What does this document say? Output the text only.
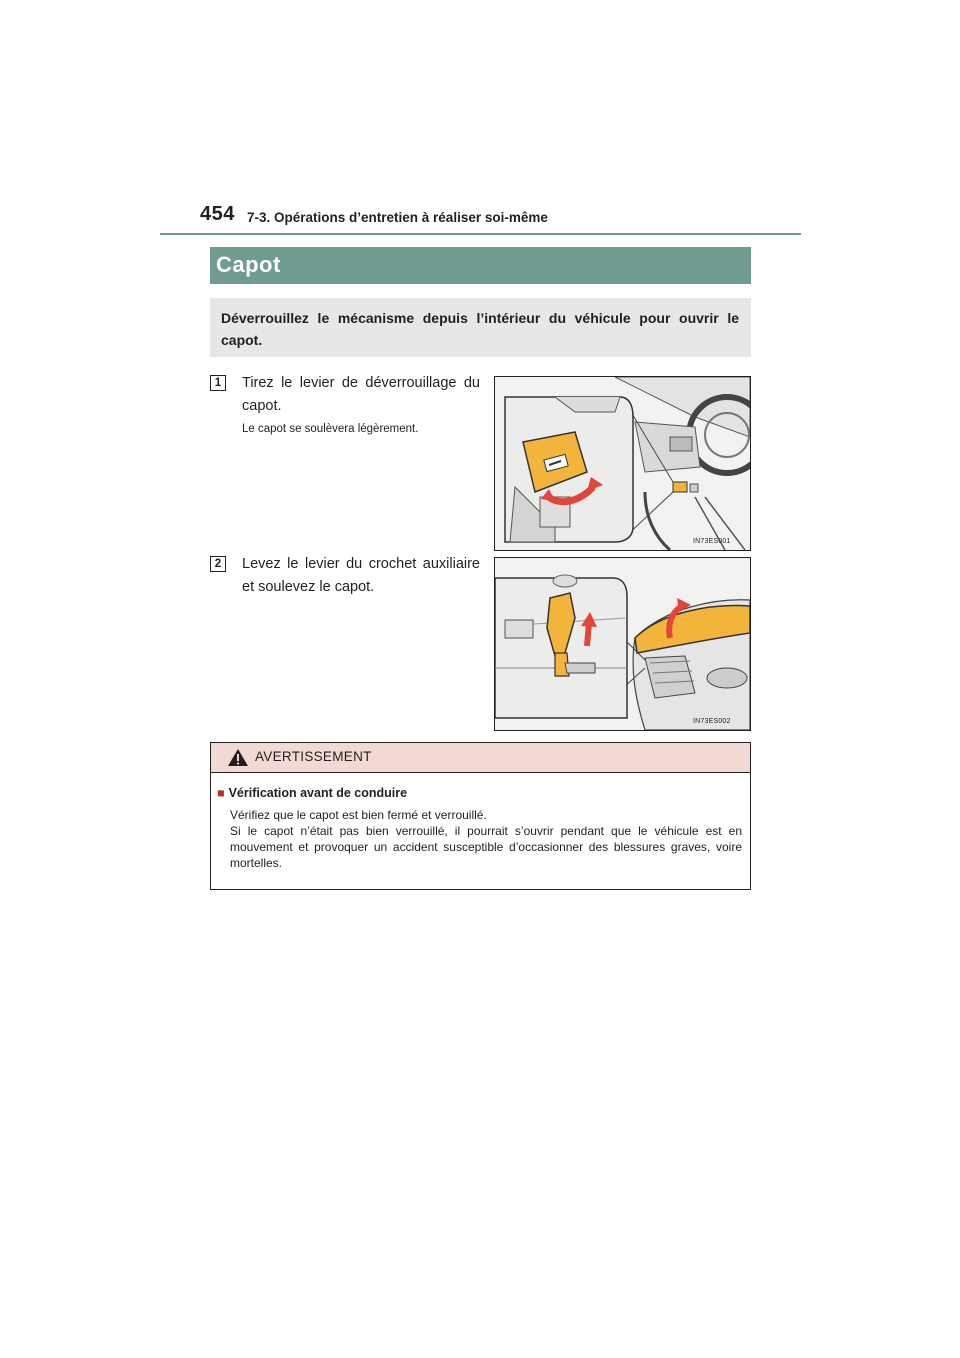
454 7-3. Opérations d’entretien à réaliser soi-même
Capot
Déverrouillez le mécanisme depuis l’intérieur du véhicule pour ouvrir le capot.
1	Tirez le levier de déverrouillage du capot.
Le capot se soulèvera légèrement.
IN73ES001
2	Levez le levier du crochet auxiliaire et soulevez le capot.
IN73ES002
AVERTISSEMENT
■ Vérification avant de conduire

Vérifiez que le capot est bien fermé et verrouillé.

Si le capot n’était pas bien verrouillé, il pourrait s’ouvrir pendant que le véhicule est en mouvement et provoquer un accident susceptible d’occasionner des blessures graves, voire mortelles.
